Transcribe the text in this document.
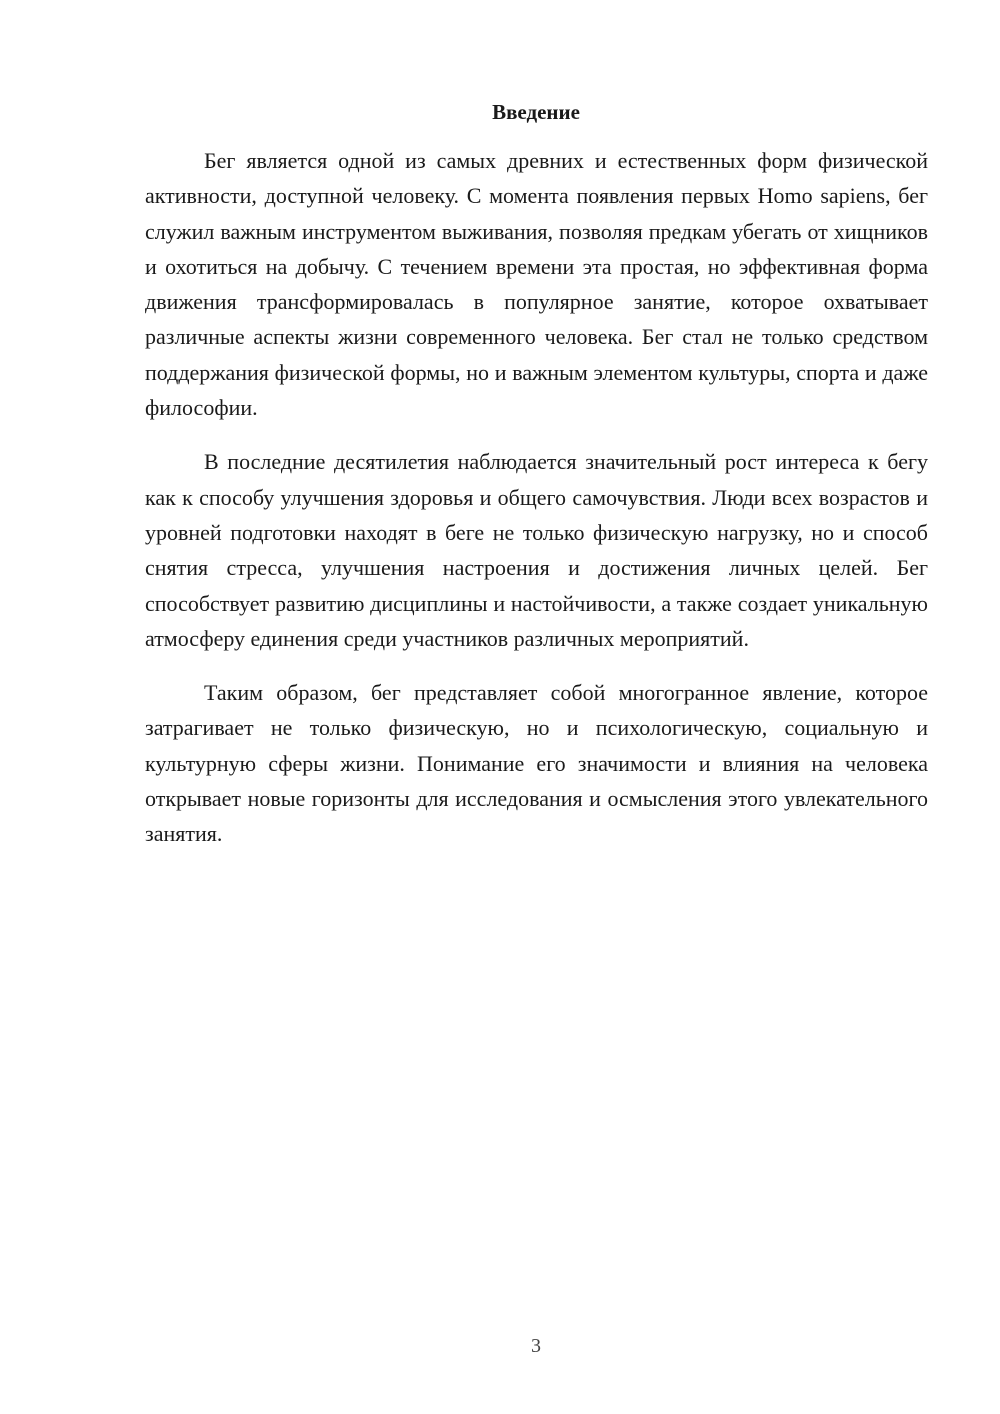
Введение

Бег является одной из самых древних и естественных форм физической активности, доступной человеку. С момента появления первых Homo sapiens, бег служил важным инструментом выживания, позволяя предкам убегать от хищников и охотиться на добычу. С течением времени эта простая, но эффективная форма движения трансформировалась в популярное занятие, которое охватывает различные аспекты жизни современного человека. Бег стал не только средством поддержания физической формы, но и важным элементом культуры, спорта и даже философии.

В последние десятилетия наблюдается значительный рост интереса к бегу как к способу улучшения здоровья и общего самочувствия. Люди всех возрастов и уровней подготовки находят в беге не только физическую нагрузку, но и способ снятия стресса, улучшения настроения и достижения личных целей. Бег способствует развитию дисциплины и настойчивости, а также создает уникальную атмосферу единения среди участников различных мероприятий.

Таким образом, бег представляет собой многогранное явление, которое затрагивает не только физическую, но и психологическую, социальную и культурную сферы жизни. Понимание его значимости и влияния на человека открывает новые горизонты для исследования и осмысления этого увлекательного занятия.

3
